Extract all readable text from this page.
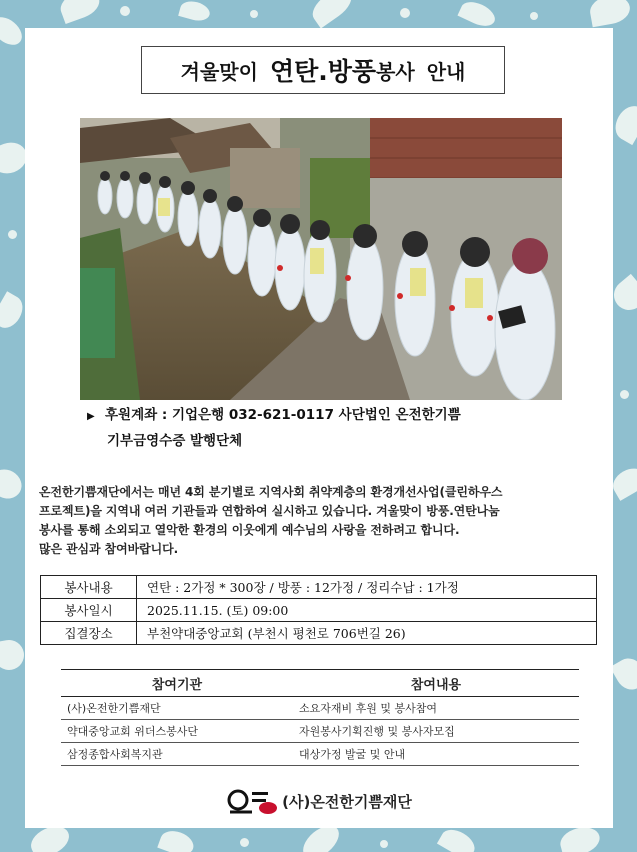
겨울맞이 연탄.방풍 봉사 안내
▶ 후원계좌 : 기업은행 032-621-0117 사단법인 온전한기쁨
기부금영수증 발행단체
온전한기쁨재단에서는 매년 4회 분기별로 지역사회 취약계층의 환경개선사업(클린하우스
프로젝트)을 지역내 여러 기관들과 연합하여 실시하고 있습니다. 겨울맞이 방풍.연탄나눔
봉사를 통해 소외되고 열악한 환경의 이웃에게 예수님의 사랑을 전하려고 합니다.
많은 관심과 참여바랍니다.
봉사내용	연탄 : 2가정 * 300장 / 방풍 : 12가정 / 정리수납 : 1가정
봉사일시	2025.11.15. (토) 09:00
집결장소	부천약대중앙교회 (부천시 평천로 706번길 26)
참여기관	참여내용
(사)온전한기쁨재단	소요자재비 후원 및 봉사참여
약대중앙교회 위더스봉사단	자원봉사기획진행 및 봉사자모집
삼정종합사회복지관	대상가정 발굴 및 안내
(사)온전한기쁨재단
